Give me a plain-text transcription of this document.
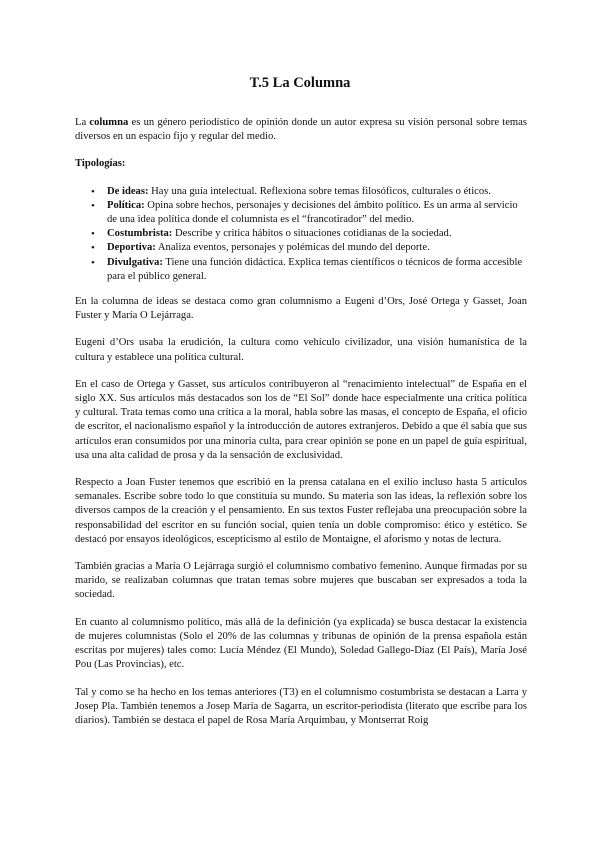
T.5 La Columna

La columna es un género periodístico de opinión donde un autor expresa su visión personal sobre temas diversos en un espacio fijo y regular del medio.

Tipologías:

• De ideas: Hay una guía intelectual. Reflexiona sobre temas filosóficos, culturales o éticos.
• Política: Opina sobre hechos, personajes y decisiones del ámbito político. Es un arma al servicio de una idea política donde el columnista es el “francotirador” del medio.
• Costumbrista: Describe y critica hábitos o situaciones cotidianas de la sociedad.
• Deportiva: Analiza eventos, personajes y polémicas del mundo del deporte.
• Divulgativa: Tiene una función didáctica. Explica temas científicos o técnicos de forma accesible para el público general.

En la columna de ideas se destaca como gran columnismo a Eugeni d’Ors, José Ortega y Gasset, Joan Fuster y María O Lejárraga.

Eugeni d’Ors usaba la erudición, la cultura como vehículo civilizador, una visión humanística de la cultura y establece una política cultural.

En el caso de Ortega y Gasset, sus artículos contribuyeron al “renacimiento intelectual” de España en el siglo XX. Sus artículos más destacados son los de “El Sol” donde hace especialmente una crítica política y cultural. Trata temas como una crítica a la moral, habla sobre las masas, el concepto de España, el oficio de escritor, el nacionalismo español y la introducción de autores extranjeros. Debido a que él sabía que sus artículos eran consumidos por una minoría culta, para crear opinión se pone en un papel de guía espiritual, usa una alta calidad de prosa y da la sensación de exclusividad.

Respecto a Joan Fuster tenemos que escribió en la prensa catalana en el exilio incluso hasta 5 artículos semanales. Escribe sobre todo lo que constituía su mundo. Su materia son las ideas, la reflexión sobre los diversos campos de la creación y el pensamiento. En sus textos Fuster reflejaba una preocupación sobre la responsabilidad del escritor en su función social, quien tenía un doble compromiso: ético y estético. Se destacó por ensayos ideológicos, escepticismo al estilo de Montaigne, el aforismo y notas de lectura.

También gracias a María O Lejárraga surgió el columnismo combativo femenino. Aunque firmadas por su marido, se realizaban columnas que tratan temas sobre mujeres que buscaban ser expresados a toda la sociedad.

En cuanto al columnismo político, más allá de la definición (ya explicada) se busca destacar la existencia de mujeres columnistas (Solo el 20% de las columnas y tribunas de opinión de la prensa española están escritas por mujeres) tales como: Lucía Méndez (El Mundo), Soledad Gallego-Díaz (El País), María José Pou (Las Provincias), etc.

Tal y como se ha hecho en los temas anteriores (T3) en el columnismo costumbrista se destacan a Larra y Josep Pla. También tenemos a Josep María de Sagarra, un escritor-periodista (literato que escribe para los diarios). También se destaca el papel de Rosa María Arquimbau, y Montserrat Roig
